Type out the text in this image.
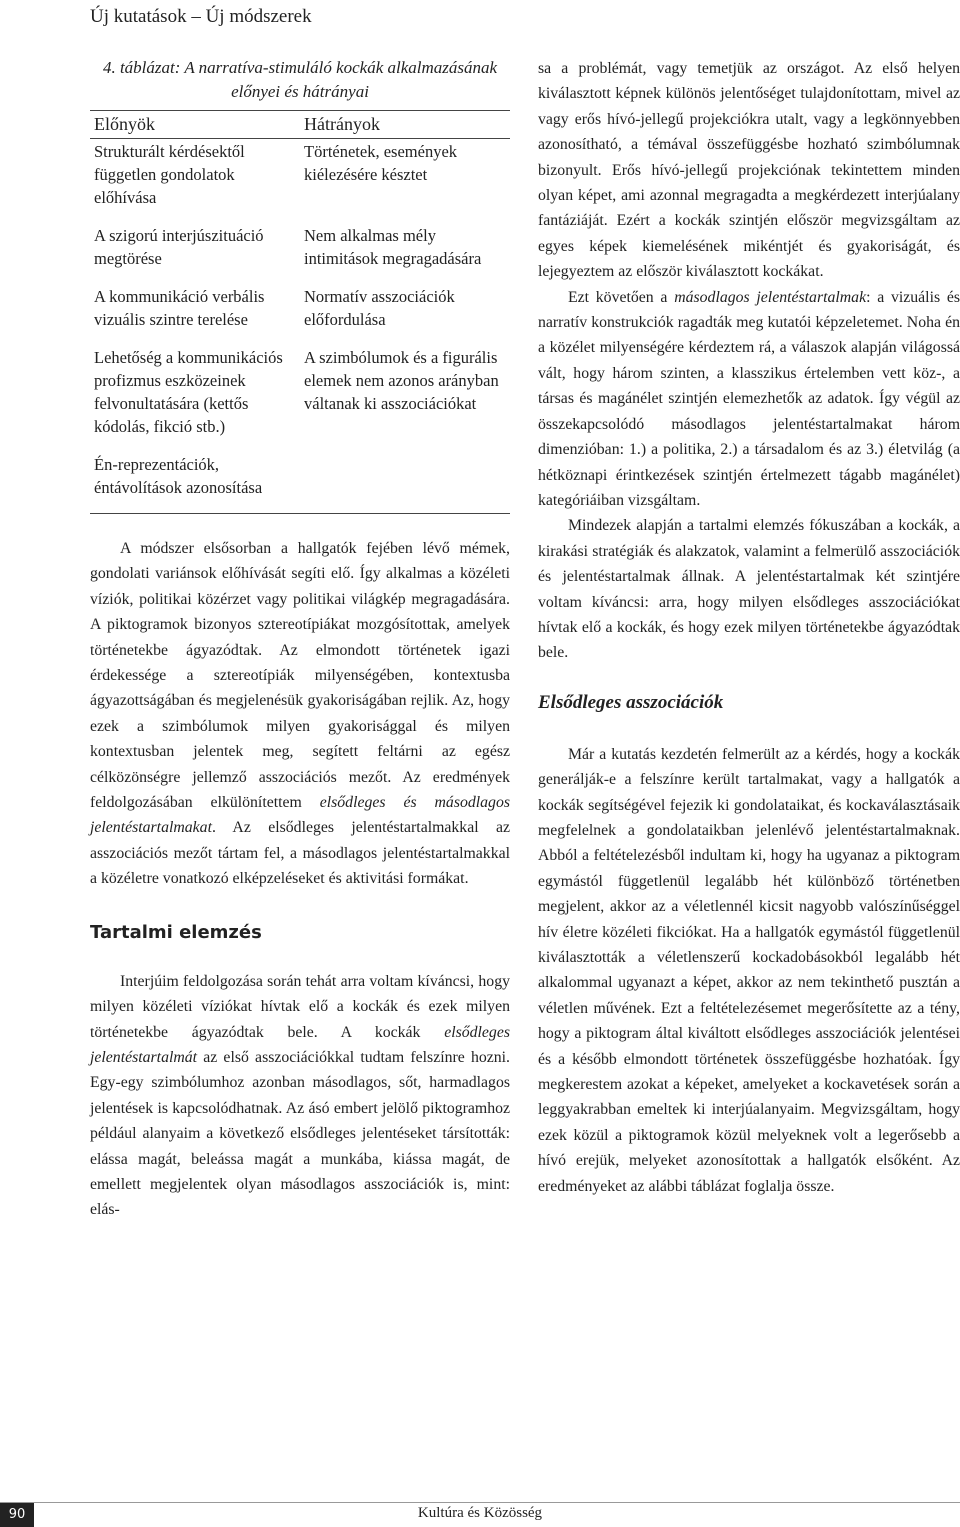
Új kutatások – Új módszerek

4. táblázat: A narratíva-stimuláló kockák alkalmazásának előnyei és hátrányai

Előnyök	Hátrányok
Strukturált kérdésektől független gondolatok előhívása	Történetek, események kiélezésére késztet
A szigorú interjúszituáció megtörése	Nem alkalmas mély intimitások megragadására
A kommunikáció verbális vizuális szintre terelése	Normatív asszociációk előfordulása
Lehetőség a kommunikációs profizmus eszközeinek felvonultatására (kettős kódolás, fikció stb.)	A szimbólumok és a figurális elemek nem azonos arányban váltanak ki asszociációkat
Én-reprezentációk, éntávolítások azonosítása	

A módszer elsősorban a hallgatók fejében lévő mémek, gondolati variánsok előhívását segíti elő. Így alkalmas a közéleti víziók, politikai közérzet vagy politikai világkép megragadására. A piktogramok bizonyos sztereotípiákat mozgósítottak, amelyek történetekbe ágyazódtak. Az elmondott történetek igazi érdekessége a sztereotípiák milyenségében, kontextusba ágyazottságában és megjelenésük gyakoriságában rejlik. Az, hogy ezek a szimbólumok milyen gyakorisággal és milyen kontextusban jelentek meg, segített feltárni az egész célközönségre jellemző asszociációs mezőt. Az eredmények feldolgozásában elkülönítettem elsődleges és másodlagos jelentéstartalmakat. Az elsődleges jelentéstartalmakkal az asszociációs mezőt tártam fel, a másodlagos jelentéstartalmakkal a közéletre vonatkozó elképzeléseket és aktivitási formákat.

Tartalmi elemzés

Interjúim feldolgozása során tehát arra voltam kíváncsi, hogy milyen közéleti víziókat hívtak elő a kockák és ezek milyen történetekbe ágyazódtak bele. A kockák elsődleges jelentéstartalmát az első asszociációkkal tudtam felszínre hozni. Egy-egy szimbólumhoz azonban másodlagos, sőt, harmadlagos jelentések is kapcsolódhatnak. Az ásó embert jelölő piktogramhoz például alanyaim a következő elsődleges jelentéseket társították: elássa magát, beleássa magát a munkába, kiássa magát, de emellett megjelentek olyan másodlagos asszociációk is, mint: elás-

sa a problémát, vagy temetjük az országot. Az első helyen kiválasztott képnek különös jelentőséget tulajdonítottam, mivel az vagy erős hívó-jellegű projekciókra utalt, vagy a legkönnyebben azonosítható, a témával összefüggésbe hozható szimbólumnak bizonyult. Erős hívó-jellegű projekciónak tekintettem minden olyan képet, ami azonnal megragadta a megkérdezett interjúalany fantáziáját. Ezért a kockák szintjén először megvizsgáltam az egyes képek kiemelésének mikéntjét és gyakoriságát, és lejegyeztem az először kiválasztott kockákat.

Ezt követően a másodlagos jelentéstartalmak: a vizuális és narratív konstrukciók ragadták meg kutatói képzeletemet. Noha én a közélet milyenségére kérdeztem rá, a válaszok alapján világossá vált, hogy három szinten, a klasszikus értelemben vett köz-, a társas és magánélet szintjén elemezhetők az adatok. Így végül az összekapcsolódó másodlagos jelentéstartalmakat három dimenzióban: 1.) a politika, 2.) a társadalom és az 3.) életvilág (a hétköznapi érintkezések szintjén értelmezett tágabb magánélet) kategóriáiban vizsgáltam.

Mindezek alapján a tartalmi elemzés fókuszában a kockák, a kirakási stratégiák és alakzatok, valamint a felmerülő asszociációk és jelentéstartalmak állnak. A jelentéstartalmak két szintjére voltam kíváncsi: arra, hogy milyen elsődleges asszociációkat hívtak elő a kockák, és hogy ezek milyen történetekbe ágyazódtak bele.

Elsődleges asszociációk

Már a kutatás kezdetén felmerült az a kérdés, hogy a kockák generálják-e a felszínre került tartalmakat, vagy a hallgatók a kockák segítségével fejezik ki gondolataikat, és kockaválasztásaik megfelelnek a gondolataikban jelenlévő jelentéstartalmaknak. Abból a feltételezésből indultam ki, hogy ha ugyanaz a piktogram egymástól függetlenül legalább hét különböző történetben megjelent, akkor az a véletlennél kicsit nagyobb valószínűséggel hív életre közéleti fikciókat. Ha a hallgatók egymástól függetlenül kiválasztották a véletlenszerű kockadobásokból legalább hét alkalommal ugyanazt a képet, akkor az nem tekinthető pusztán a véletlen művének. Ezt a feltételezésemet megerősítette az a tény, hogy a piktogram által kiváltott elsődleges asszociációk jelentései és a később elmondott történetek összefüggésbe hozhatóak. Így megkerestem azokat a képeket, amelyeket a kockavetések során a leggyakrabban emeltek ki interjúalanyaim. Megvizsgáltam, hogy ezek közül a piktogramok közül melyeknek volt a legerősebb a hívó erejük, melyeket azonosítottak a hallgatók elsőként. Az eredményeket az alábbi táblázat foglalja össze.

90	Kultúra és Közösség
